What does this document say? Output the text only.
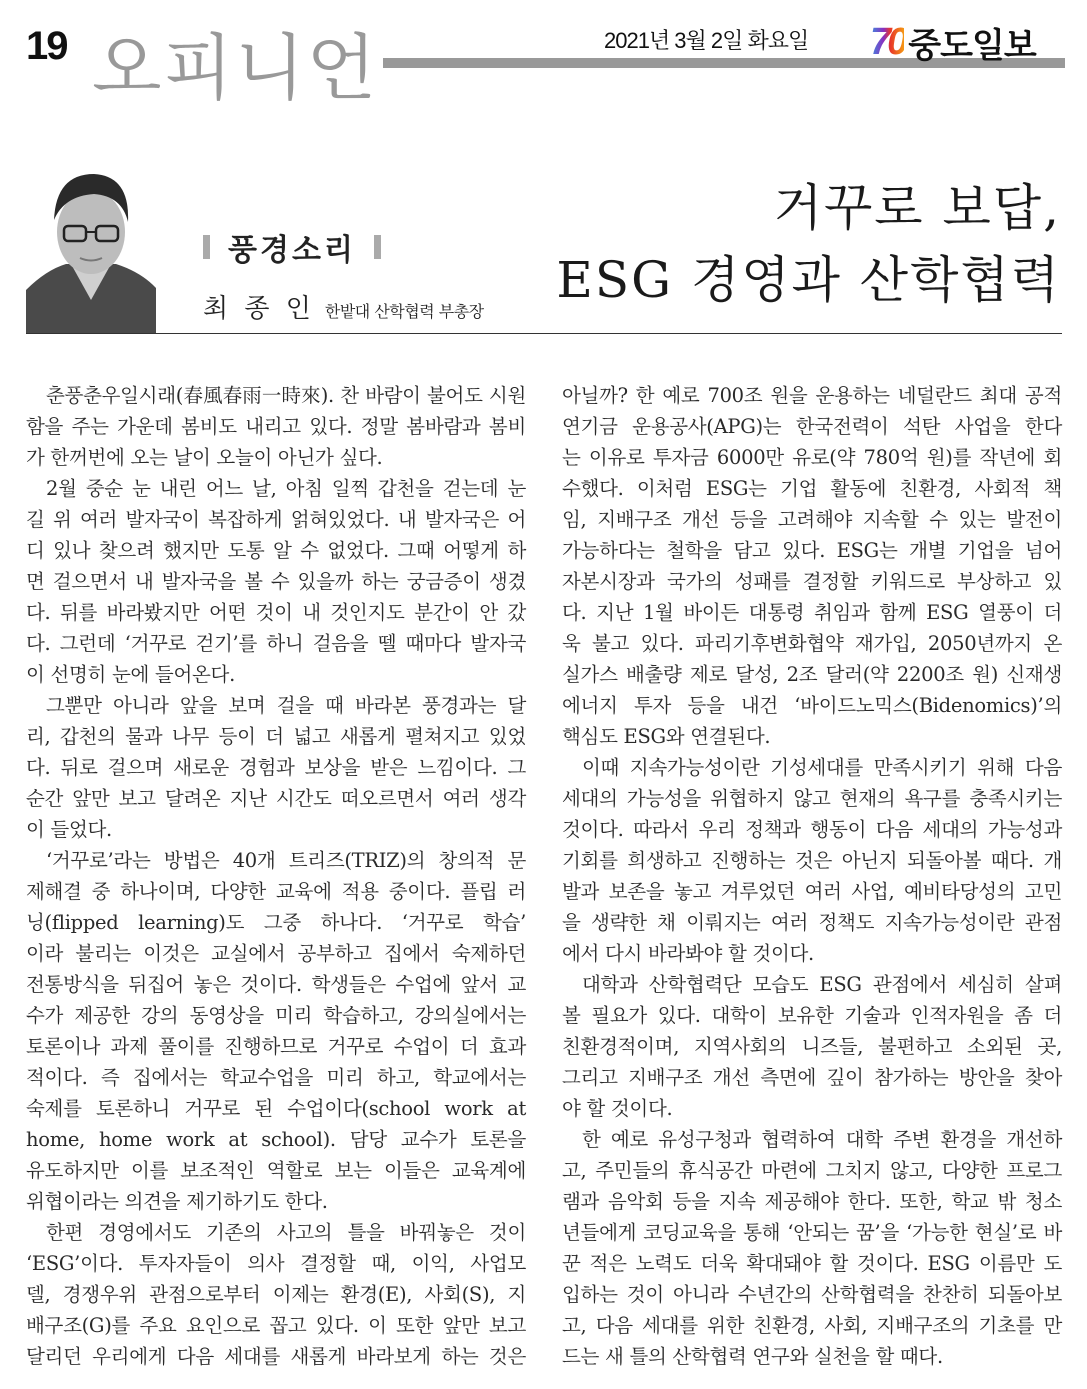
19 오피니언	2021년 3월 2일 화요일 70 중도일보
풍경소리
최 종 인 한밭대 산학협력 부총장
거꾸로 보답,
ESG 경영과 산학협력
춘풍춘우일시래(春風春雨一時來). 찬 바람이 불어도 시원
함을 주는 가운데 봄비도 내리고 있다. 정말 봄바람과 봄비
가 한꺼번에 오는 날이 오늘이 아닌가 싶다.
2월 중순 눈 내린 어느 날, 아침 일찍 갑천을 걷는데 눈
길 위 여러 발자국이 복잡하게 얽혀있었다. 내 발자국은 어
디 있나 찾으려 했지만 도통 알 수 없었다. 그때 어떻게 하
면 걸으면서 내 발자국을 볼 수 있을까 하는 궁금증이 생겼
다. 뒤를 바라봤지만 어떤 것이 내 것인지도 분간이 안 갔
다. 그런데 ‘거꾸로 걷기’를 하니 걸음을 뗄 때마다 발자국
이 선명히 눈에 들어온다.
그뿐만 아니라 앞을 보며 걸을 때 바라본 풍경과는 달
리, 갑천의 물과 나무 등이 더 넓고 새롭게 펼쳐지고 있었
다. 뒤로 걸으며 새로운 경험과 보상을 받은 느낌이다. 그
순간 앞만 보고 달려온 지난 시간도 떠오르면서 여러 생각
이 들었다.
‘거꾸로’라는 방법은 40개 트리즈(TRIZ)의 창의적 문
제해결 중 하나이며, 다양한 교육에 적용 중이다. 플립 러
닝(flipped learning)도 그중 하나다. ‘거꾸로 학습’
이라 불리는 이것은 교실에서 공부하고 집에서 숙제하던
전통방식을 뒤집어 놓은 것이다. 학생들은 수업에 앞서 교
수가 제공한 강의 동영상을 미리 학습하고, 강의실에서는
토론이나 과제 풀이를 진행하므로 거꾸로 수업이 더 효과
적이다. 즉 집에서는 학교수업을 미리 하고, 학교에서는
숙제를 토론하니 거꾸로 된 수업이다(school work at
home, home work at school). 담당 교수가 토론을
유도하지만 이를 보조적인 역할로 보는 이들은 교육계에
위협이라는 의견을 제기하기도 한다.
한편 경영에서도 기존의 사고의 틀을 바꿔놓은 것이
‘ESG’이다. 투자자들이 의사 결정할 때, 이익, 사업모
델, 경쟁우위 관점으로부터 이제는 환경(E), 사회(S), 지
배구조(G)를 주요 요인으로 꼽고 있다. 이 또한 앞만 보고
달리던 우리에게 다음 세대를 새롭게 바라보게 하는 것은
아닐까? 한 예로 700조 원을 운용하는 네덜란드 최대 공적
연기금 운용공사(APG)는 한국전력이 석탄 사업을 한다
는 이유로 투자금 6000만 유로(약 780억 원)를 작년에 회
수했다. 이처럼 ESG는 기업 활동에 친환경, 사회적 책
임, 지배구조 개선 등을 고려해야 지속할 수 있는 발전이
가능하다는 철학을 담고 있다. ESG는 개별 기업을 넘어
자본시장과 국가의 성패를 결정할 키워드로 부상하고 있
다. 지난 1월 바이든 대통령 취임과 함께 ESG 열풍이 더
욱 불고 있다. 파리기후변화협약 재가입, 2050년까지 온
실가스 배출량 제로 달성, 2조 달러(약 2200조 원) 신재생
에너지 투자 등을 내건 ‘바이드노믹스(Bidenomics)’의
핵심도 ESG와 연결된다.
이때 지속가능성이란 기성세대를 만족시키기 위해 다음
세대의 가능성을 위협하지 않고 현재의 욕구를 충족시키는
것이다. 따라서 우리 정책과 행동이 다음 세대의 가능성과
기회를 희생하고 진행하는 것은 아닌지 되돌아볼 때다. 개
발과 보존을 놓고 겨루었던 여러 사업, 예비타당성의 고민
을 생략한 채 이뤄지는 여러 정책도 지속가능성이란 관점
에서 다시 바라봐야 할 것이다.
대학과 산학협력단 모습도 ESG 관점에서 세심히 살펴
볼 필요가 있다. 대학이 보유한 기술과 인적자원을 좀 더
친환경적이며, 지역사회의 니즈들, 불편하고 소외된 곳,
그리고 지배구조 개선 측면에 깊이 참가하는 방안을 찾아
야 할 것이다.
한 예로 유성구청과 협력하여 대학 주변 환경을 개선하
고, 주민들의 휴식공간 마련에 그치지 않고, 다양한 프로그
램과 음악회 등을 지속 제공해야 한다. 또한, 학교 밖 청소
년들에게 코딩교육을 통해 ‘안되는 꿈’을 ‘가능한 현실’로 바
꾼 적은 노력도 더욱 확대돼야 할 것이다. ESG 이름만 도
입하는 것이 아니라 수년간의 산학협력을 찬찬히 되돌아보
고, 다음 세대를 위한 친환경, 사회, 지배구조의 기초를 만
드는 새 틀의 산학협력 연구와 실천을 할 때다.
